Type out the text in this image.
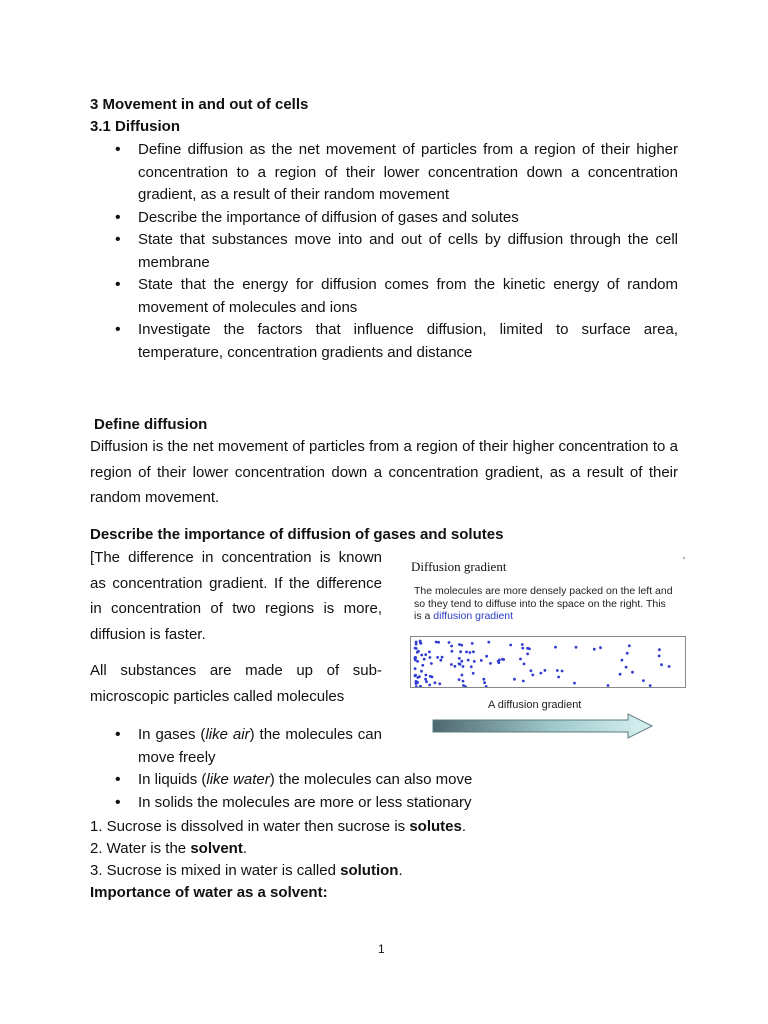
3 Movement in and out of cells

3.1 Diffusion

• Define diffusion as the net movement of particles from a region of their higher concentration to a region of their lower concentration down a concentration gradient, as a result of their random movement
• Describe the importance of diffusion of gases and solutes
• State that substances move into and out of cells by diffusion through the cell membrane
• State that the energy for diffusion comes from the kinetic energy of random movement of molecules and ions
• Investigate the factors that influence diffusion, limited to surface area, temperature, concentration gradients and distance

Define diffusion

Diffusion is the net movement of particles from a region of their higher concentration to a region of their lower concentration down a concentration gradient, as a result of their random movement.

Describe the importance of diffusion of gases and solutes

[The difference in concentration is known as concentration gradient. If the difference in concentration of two regions is more, diffusion is faster.

All substances are made up of sub-microscopic particles called molecules

Diffusion gradient	'
The molecules are more densely packed on the left and so they tend to diffuse into the space on the right. This is a diffusion gradient
A diffusion gradient
• In gases (like air) the molecules can move freely
• In liquids (like water) the molecules can also move
• In solids the molecules are more or less stationary

1. Sucrose is dissolved in water then sucrose is solutes.

2. Water is the solvent.

3. Sucrose is mixed in water is called solution.

Importance of water as a solvent:

1
